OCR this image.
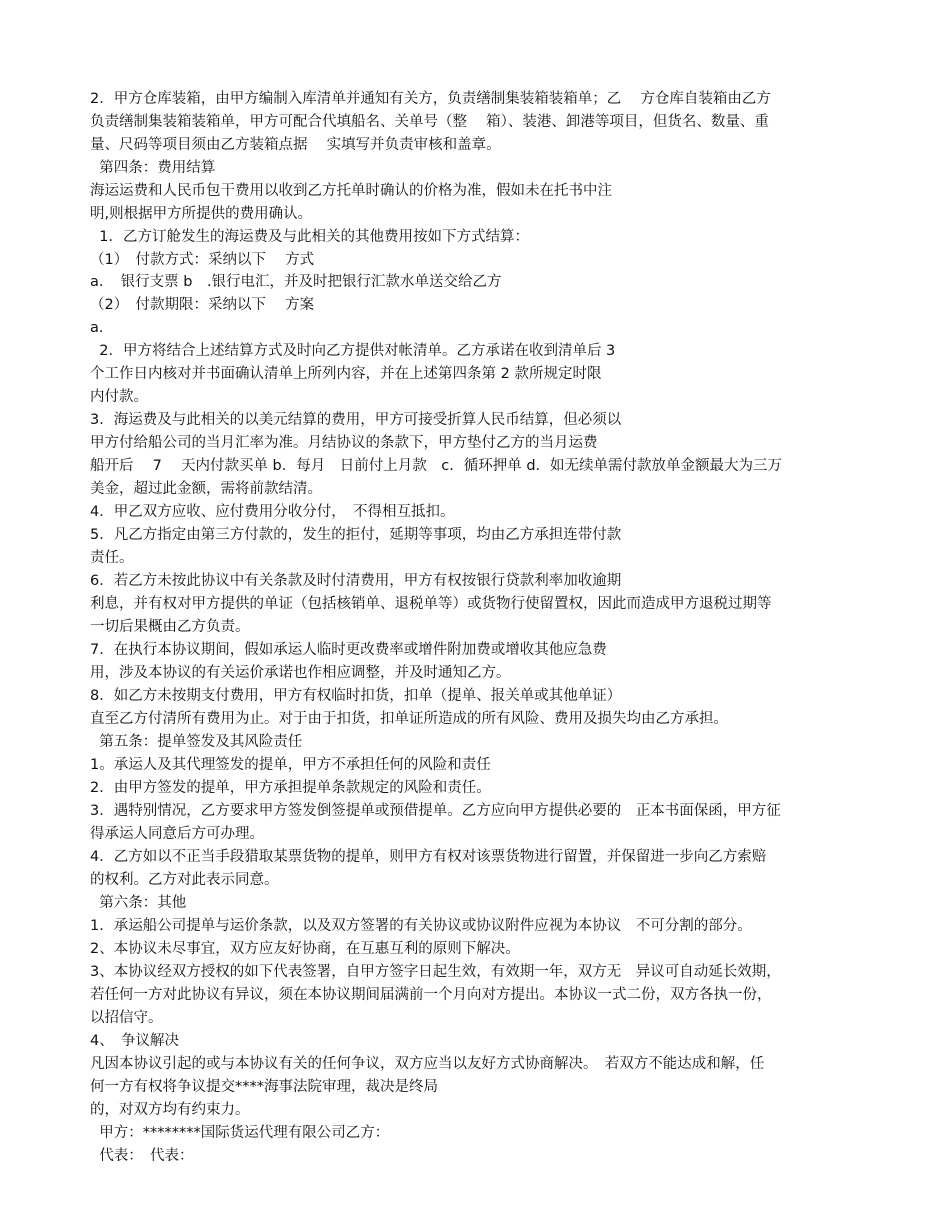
2．甲方仓库装箱，由甲方编制入库清单并通知有关方，负责缮制集装箱装箱单；乙　 方仓库自装箱由乙方
负责缮制集装箱装箱单，甲方可配合代填船名、关单号（整　 箱）、装港、卸港等项目，但货名、数量、重
量、尺码等项目须由乙方装箱点据　 实填写并负责审核和盖章。
第四条：费用结算
海运运费和人民币包干费用以收到乙方托单时确认的价格为准，假如未在托书中注
明,则根据甲方所提供的费用确认。
1．乙方订舱发生的海运费及与此相关的其他费用按如下方式结算：
（1）　付款方式：采纳以下　 方式
a．　银行支票 b　.银行电汇，并及时把银行汇款水单送交给乙方
（2）　付款期限：采纳以下　 方案
a．
2．甲方将结合上述结算方式及时向乙方提供对帐清单。乙方承诺在收到清单后 3
个工作日内核对并书面确认清单上所列内容，并在上述第四条第 2 款所规定时限
内付款。
3．海运费及与此相关的以美元结算的费用，甲方可接受折算人民币结算，但必须以
甲方付给船公司的当月汇率为准。月结协议的条款下，甲方垫付乙方的当月运费
船开后　 7　 天内付款买单 b．每月　日前付上月款　c．循环押单 d．如无续单需付款放单金额最大为三万
美金，超过此金额，需将前款结清。
4．甲乙双方应收、应付费用分收分付，　不得相互抵扣。
5．凡乙方指定由第三方付款的，发生的拒付，延期等事项，均由乙方承担连带付款
责任。
6．若乙方未按此协议中有关条款及时付清费用，甲方有权按银行贷款利率加收逾期
利息，并有权对甲方提供的单证（包括核销单、退税单等）或货物行使留置权，因此而造成甲方退税过期等
一切后果概由乙方负责。
7．在执行本协议期间，假如承运人临时更改费率或增件附加费或增收其他应急费
用，涉及本协议的有关运价承诺也作相应调整，并及时通知乙方。
8．如乙方未按期支付费用，甲方有权临时扣货，扣单（提单、报关单或其他单证）
直至乙方付清所有费用为止。对于由于扣货，扣单证所造成的所有风险、费用及损失均由乙方承担。
第五条：提单签发及其风险责任
1。承运人及其代理签发的提单，甲方不承担任何的风险和责任
2．由甲方签发的提单，甲方承担提单条款规定的风险和责任。
3．遇特别情况，乙方要求甲方签发倒签提单或预借提单。乙方应向甲方提供必要的　正本书面保函，甲方征
得承运人同意后方可办理。
4．乙方如以不正当手段猎取某票货物的提单，则甲方有权对该票货物进行留置，并保留进一步向乙方索赔
的权利。乙方对此表示同意。
第六条：其他
1．承运船公司提单与运价条款，以及双方签署的有关协议或协议附件应视为本协议　不可分割的部分。
2、本协议未尽事宜，双方应友好协商，在互惠互利的原则下解决。
3、本协议经双方授权的如下代表签署，自甲方签字日起生效，有效期一年，双方无　异议可自动延长效期，
若任何一方对此协议有异议，须在本协议期间届满前一个月向对方提出。本协议一式二份，双方各执一份，
以招信守。
4、　争议解决
凡因本协议引起的或与本协议有关的任何争议，双方应当以友好方式协商解决。　若双方不能达成和解，任
何一方有权将争议提交****海事法院审理，裁决是终局
的，对双方均有约束力。
甲方：********国际货运代理有限公司乙方：
代表：　代表：
